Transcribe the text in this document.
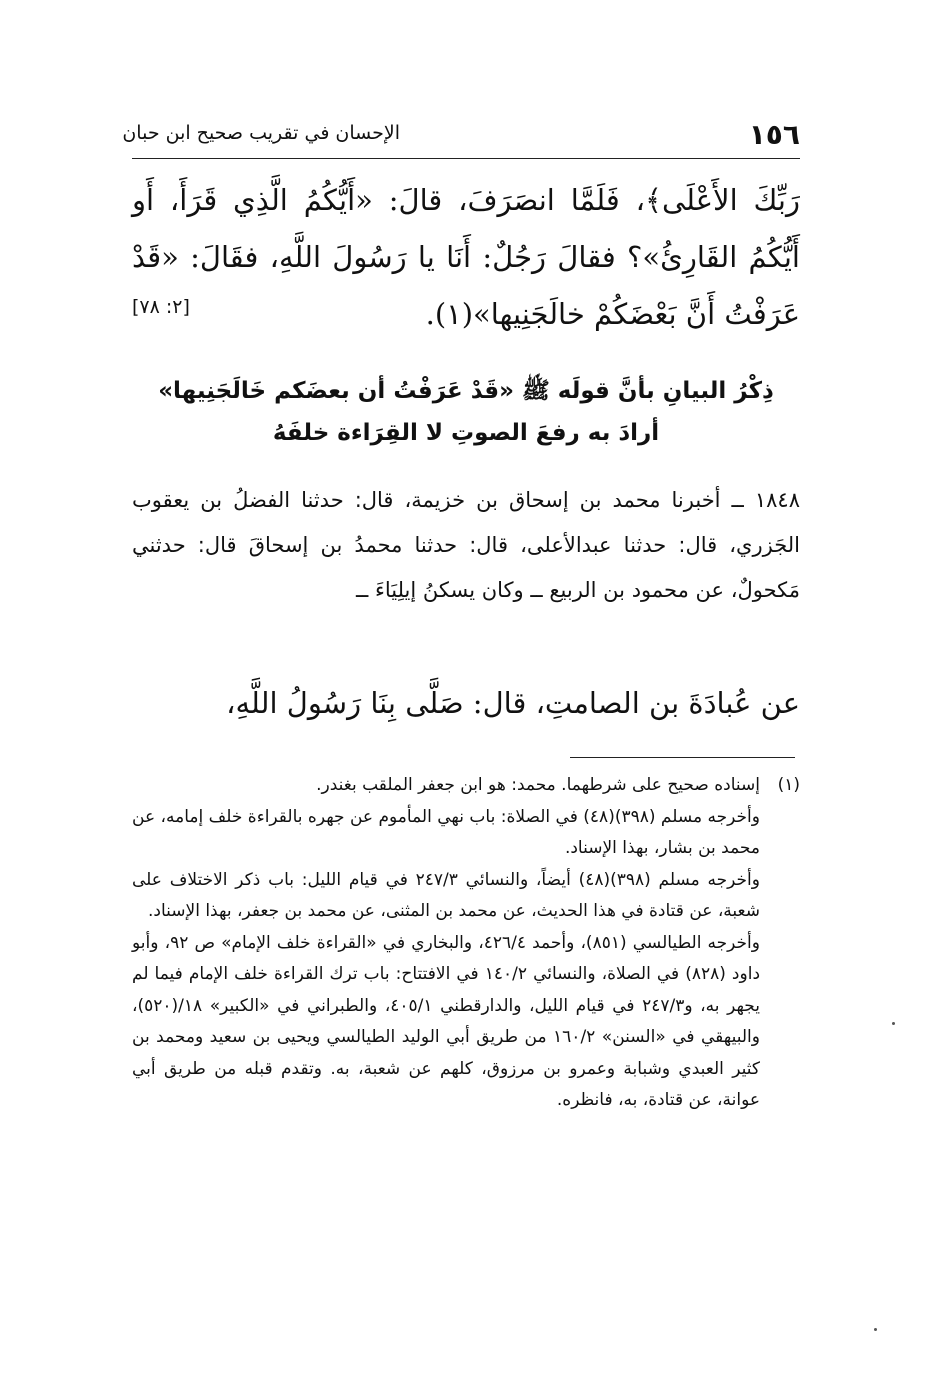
١٥٦
الإحسان في تقريب صحيح ابن حبان
رَبِّكَ الأَعْلَى﴾، فَلَمَّا انصَرَفَ، قالَ: «أَيُّكُمُ الَّذِي قَرَأَ، أَو أَيُّكُمُ القَارِئُ»؟ فقالَ رَجُلٌ: أَنَا يا رَسُولَ اللَّهِ، فقَالَ: «قَدْ عَرَفْتُ أَنَّ بَعْضَكُمْ خالَجَنِيها»(١).
[٢: ٧٨]
ذِكْرُ البيانِ بأنَّ قولَه ﷺ «قَدْ عَرَفْتُ أن بعضَكم خَالَجَنِيها»
أرادَ به رفعَ الصوتِ لا القِرَاءة خلفَهُ
١٨٤٨ ــ أخبرنا محمد بن إسحاق بن خزيمة، قال: حدثنا الفضلُ بن يعقوب الجَزري، قال: حدثنا عبدالأعلى، قال: حدثنا محمدُ بن إسحاقَ قال: حدثني مَكحولٌ، عن محمود بن الربيع ــ وكان يسكنُ إيلِيَاءَ ــ
عن عُبادَةَ بن الصامتِ، قال: صَلَّى بِنَا رَسُولُ اللَّهِ،

(١)إسناده صحيح على شرطهما. محمد: هو ابن جعفر الملقب بغندر.

وأخرجه مسلم (٣٩٨)(٤٨) في الصلاة: باب نهي المأموم عن جهره بالقراءة خلف إمامه، عن محمد بن بشار، بهذا الإسناد.

وأخرجه مسلم (٣٩٨)(٤٨) أيضاً، والنسائي ٢٤٧/٣ في قيام الليل: باب ذكر الاختلاف على شعبة، عن قتادة في هذا الحديث، عن محمد بن المثنى، عن محمد بن جعفر، بهذا الإسناد.

وأخرجه الطيالسي (٨٥١)، وأحمد ٤٢٦/٤، والبخاري في «القراءة خلف الإمام» ص ٩٢، وأبو داود (٨٢٨) في الصلاة، والنسائي ١٤٠/٢ في الافتتاح: باب ترك القراءة خلف الإمام فيما لم يجهر به، و٢٤٧/٣ في قيام الليل، والدارقطني ٤٠٥/١، والطبراني في «الكبير» ١٨/(٥٢٠)، والبيهقي في «السنن» ١٦٠/٢ من طريق أبي الوليد الطيالسي ويحيى بن سعيد ومحمد بن كثير العبدي وشبابة وعمرو بن مرزوق، كلهم عن شعبة، به. وتقدم قبله من طريق أبي عوانة، عن قتادة، به، فانظره.
